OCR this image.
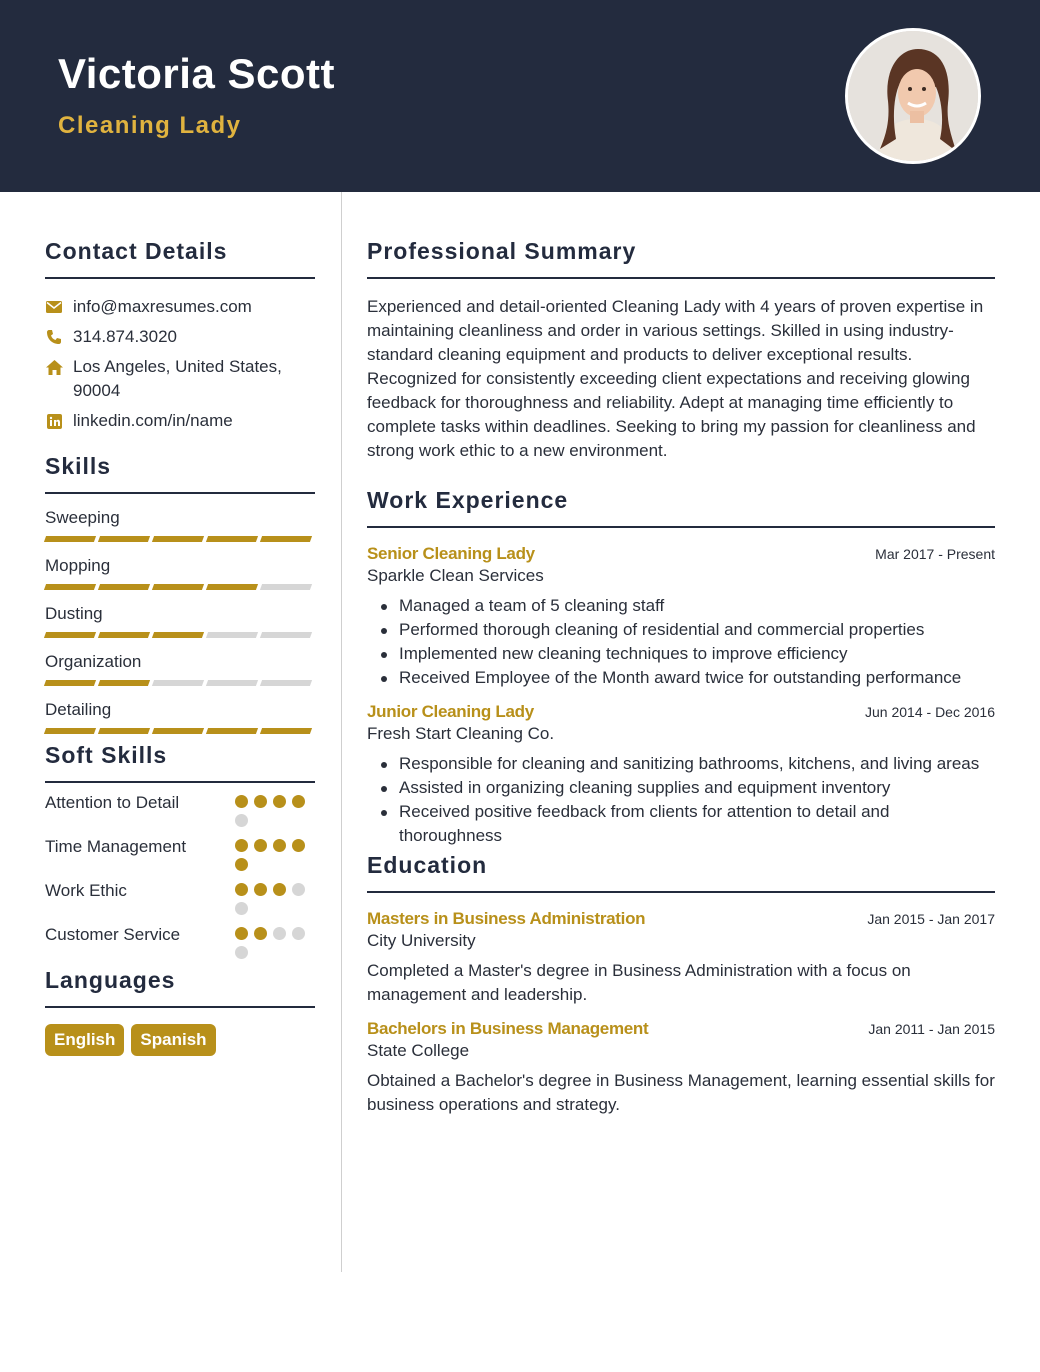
Victoria Scott
Cleaning Lady
Contact Details
info@maxresumes.com
314.874.3020
Los Angeles, United States, 90004
linkedin.com/in/name
Skills
Sweeping
Mopping
Dusting
Organization
Detailing
Soft Skills
Attention to Detail
Time Management
Work Ethic
Customer Service
Languages
English	Spanish
Professional Summary

Experienced and detail-oriented Cleaning Lady with 4 years of proven expertise in maintaining cleanliness and order in various settings. Skilled in using industry-standard cleaning equipment and products to deliver exceptional results. Recognized for consistently exceeding client expectations and receiving glowing feedback for thoroughness and reliability. Adept at managing time efficiently to complete tasks within deadlines. Seeking to bring my passion for cleanliness and strong work ethic to a new environment.

Work Experience
Senior Cleaning Lady	Mar 2017 - Present
Sparkle Clean Services
Managed a team of 5 cleaning staff
Performed thorough cleaning of residential and commercial properties
Implemented new cleaning techniques to improve efficiency
Received Employee of the Month award twice for outstanding performance
Junior Cleaning Lady	Jun 2014 - Dec 2016
Fresh Start Cleaning Co.
Responsible for cleaning and sanitizing bathrooms, kitchens, and living areas
Assisted in organizing cleaning supplies and equipment inventory
Received positive feedback from clients for attention to detail and thoroughness
Education
Masters in Business Administration	Jan 2015 - Jan 2017
City University

Completed a Master's degree in Business Administration with a focus on management and leadership.

Bachelors in Business Management	Jan 2011 - Jan 2015
State College

Obtained a Bachelor's degree in Business Management, learning essential skills for business operations and strategy.
